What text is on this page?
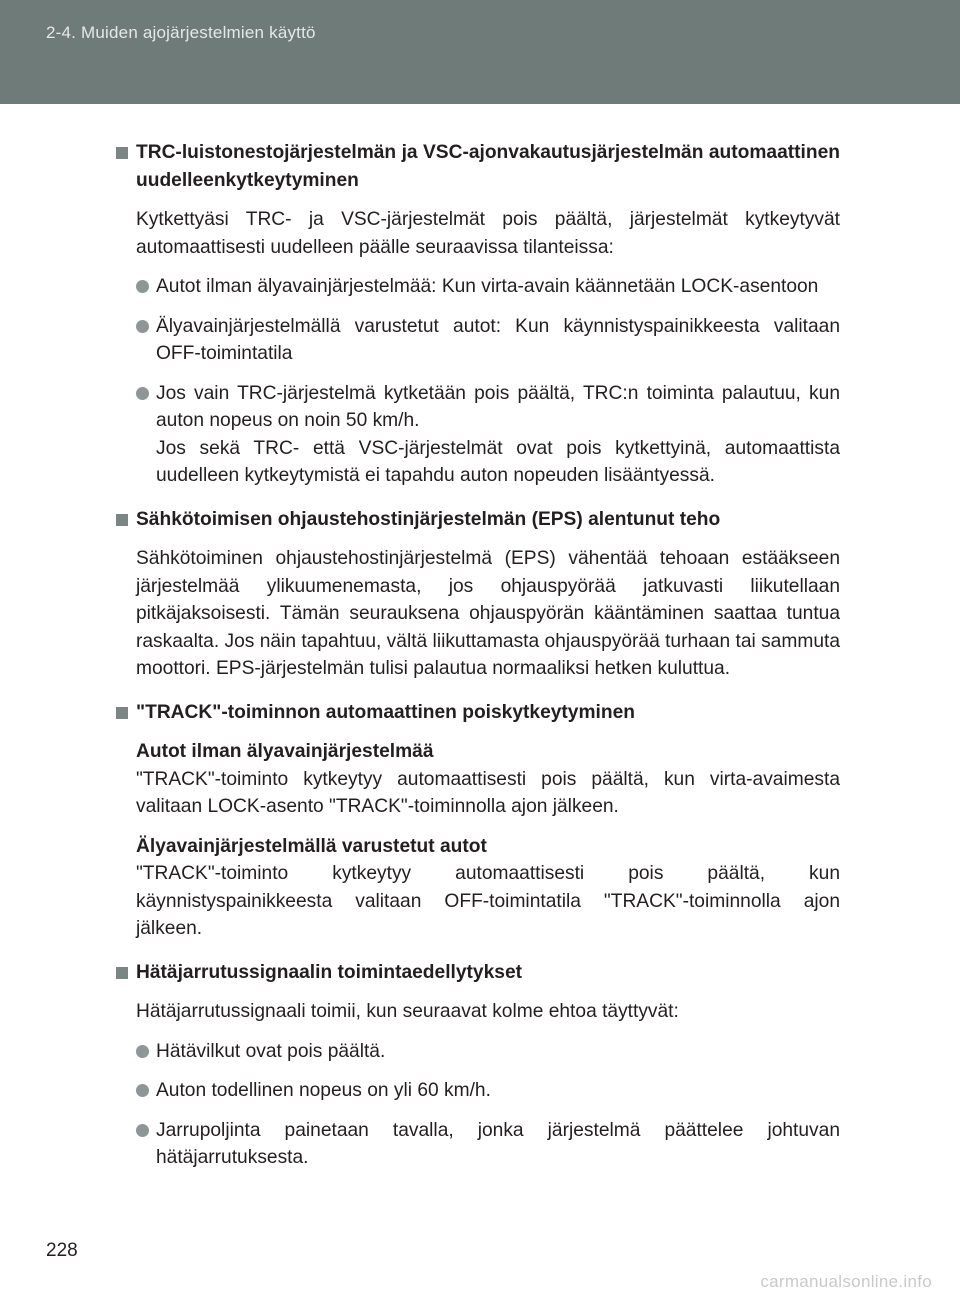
2-4. Muiden ajojärjestelmien käyttö
TRC-luistonestojärjestelmän ja VSC-ajonvakautusjärjestelmän automaattinen uudelleenkytkeytyminen
Kytkettyäsi TRC- ja VSC-järjestelmät pois päältä, järjestelmät kytkeytyvät automaattisesti uudelleen päälle seuraavissa tilanteissa:
Autot ilman älyavainjärjestelmää: Kun virta-avain käännetään LOCK-asentoon
Älyavainjärjestelmällä varustetut autot: Kun käynnistyspainikkeesta valitaan OFF-toimintatila
Jos vain TRC-järjestelmä kytketään pois päältä, TRC:n toiminta palautuu, kun auton nopeus on noin 50 km/h.
Jos sekä TRC- että VSC-järjestelmät ovat pois kytkettyinä, automaattista uudelleen kytkeytymistä ei tapahdu auton nopeuden lisääntyessä.
Sähkötoimisen ohjaustehostinjärjestelmän (EPS) alentunut teho
Sähkötoiminen ohjaustehostinjärjestelmä (EPS) vähentää tehoaan estääkseen järjestelmää ylikuumenemasta, jos ohjauspyörää jatkuvasti liikutellaan pitkäjaksoisesti. Tämän seurauksena ohjauspyörän kääntäminen saattaa tuntua raskaalta. Jos näin tapahtuu, vältä liikuttamasta ohjauspyörää turhaan tai sammuta moottori. EPS-järjestelmän tulisi palautua normaaliksi hetken kuluttua.
"TRACK"-toiminnon automaattinen poiskytkeytyminen
Autot ilman älyavainjärjestelmää
"TRACK"-toiminto kytkeytyy automaattisesti pois päältä, kun virta-avaimesta valitaan LOCK-asento "TRACK"-toiminnolla ajon jälkeen.
Älyavainjärjestelmällä varustetut autot
"TRACK"-toiminto kytkeytyy automaattisesti pois päältä, kun käynnistyspainikkeesta valitaan OFF-toimintatila "TRACK"-toiminnolla ajon jälkeen.
Hätäjarrutussignaalin toimintaedellytykset
Hätäjarrutussignaali toimii, kun seuraavat kolme ehtoa täyttyvät:
Hätävilkut ovat pois päältä.
Auton todellinen nopeus on yli 60 km/h.
Jarrupoljinta painetaan tavalla, jonka järjestelmä päättelee johtuvan hätäjarrutuksesta.
228
carmanualsonline.info
